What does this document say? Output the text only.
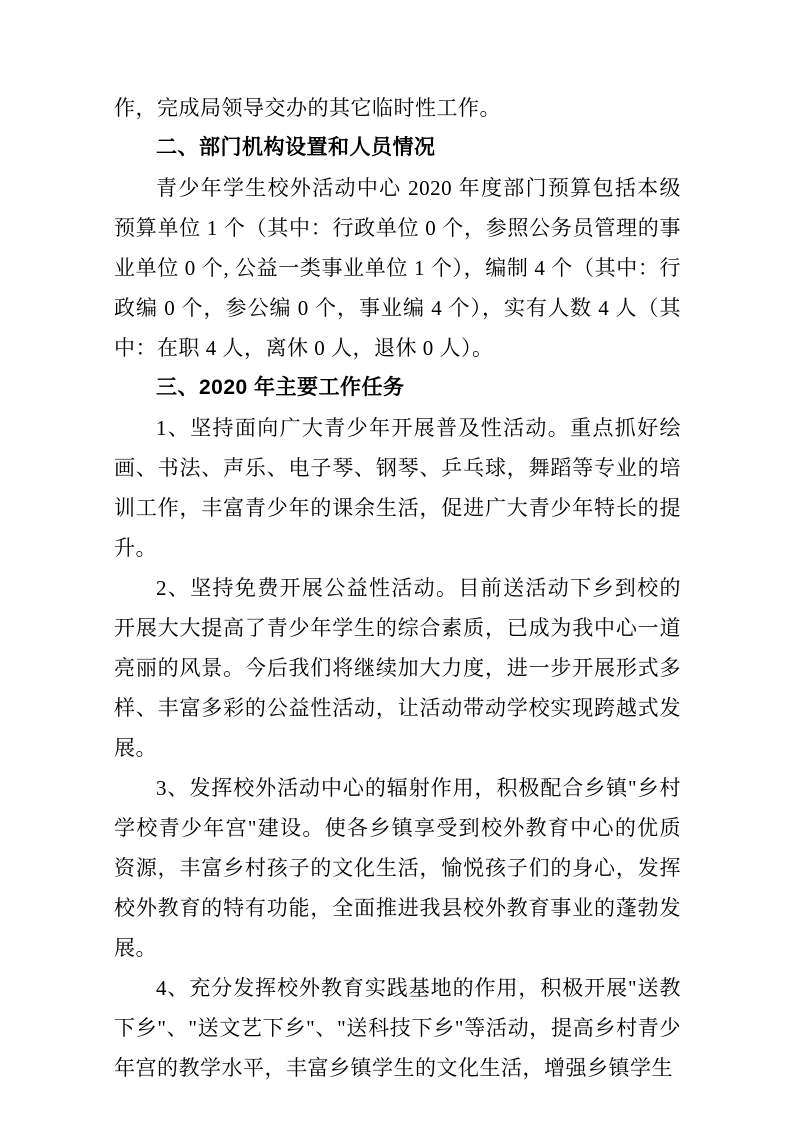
作，完成局领导交办的其它临时性工作。

二、部门机构设置和人员情况

青少年学生校外活动中心 2020 年度部门预算包括本级预算单位 1 个（其中：行政单位 0 个，参照公务员管理的事业单位 0 个, 公益一类事业单位 1 个），编制 4 个（其中：行政编 0 个，参公编 0 个，事业编 4 个），实有人数 4 人（其中：在职 4 人，离休 0 人，退休 0 人）。

三、2020 年主要工作任务

1、坚持面向广大青少年开展普及性活动。重点抓好绘画、书法、声乐、电子琴、钢琴、乒乓球，舞蹈等专业的培训工作，丰富青少年的课余生活，促进广大青少年特长的提升。

2、坚持免费开展公益性活动。目前送活动下乡到校的开展大大提高了青少年学生的综合素质，已成为我中心一道亮丽的风景。今后我们将继续加大力度，进一步开展形式多样、丰富多彩的公益性活动，让活动带动学校实现跨越式发展。

3、发挥校外活动中心的辐射作用，积极配合乡镇"乡村学校青少年宫"建设。使各乡镇享受到校外教育中心的优质资源，丰富乡村孩子的文化生活，愉悦孩子们的身心，发挥校外教育的特有功能，全面推进我县校外教育事业的蓬勃发展。

4、充分发挥校外教育实践基地的作用，积极开展"送教下乡"、"送文艺下乡"、"送科技下乡"等活动，提高乡村青少年宫的教学水平，丰富乡镇学生的文化生活，增强乡镇学生
